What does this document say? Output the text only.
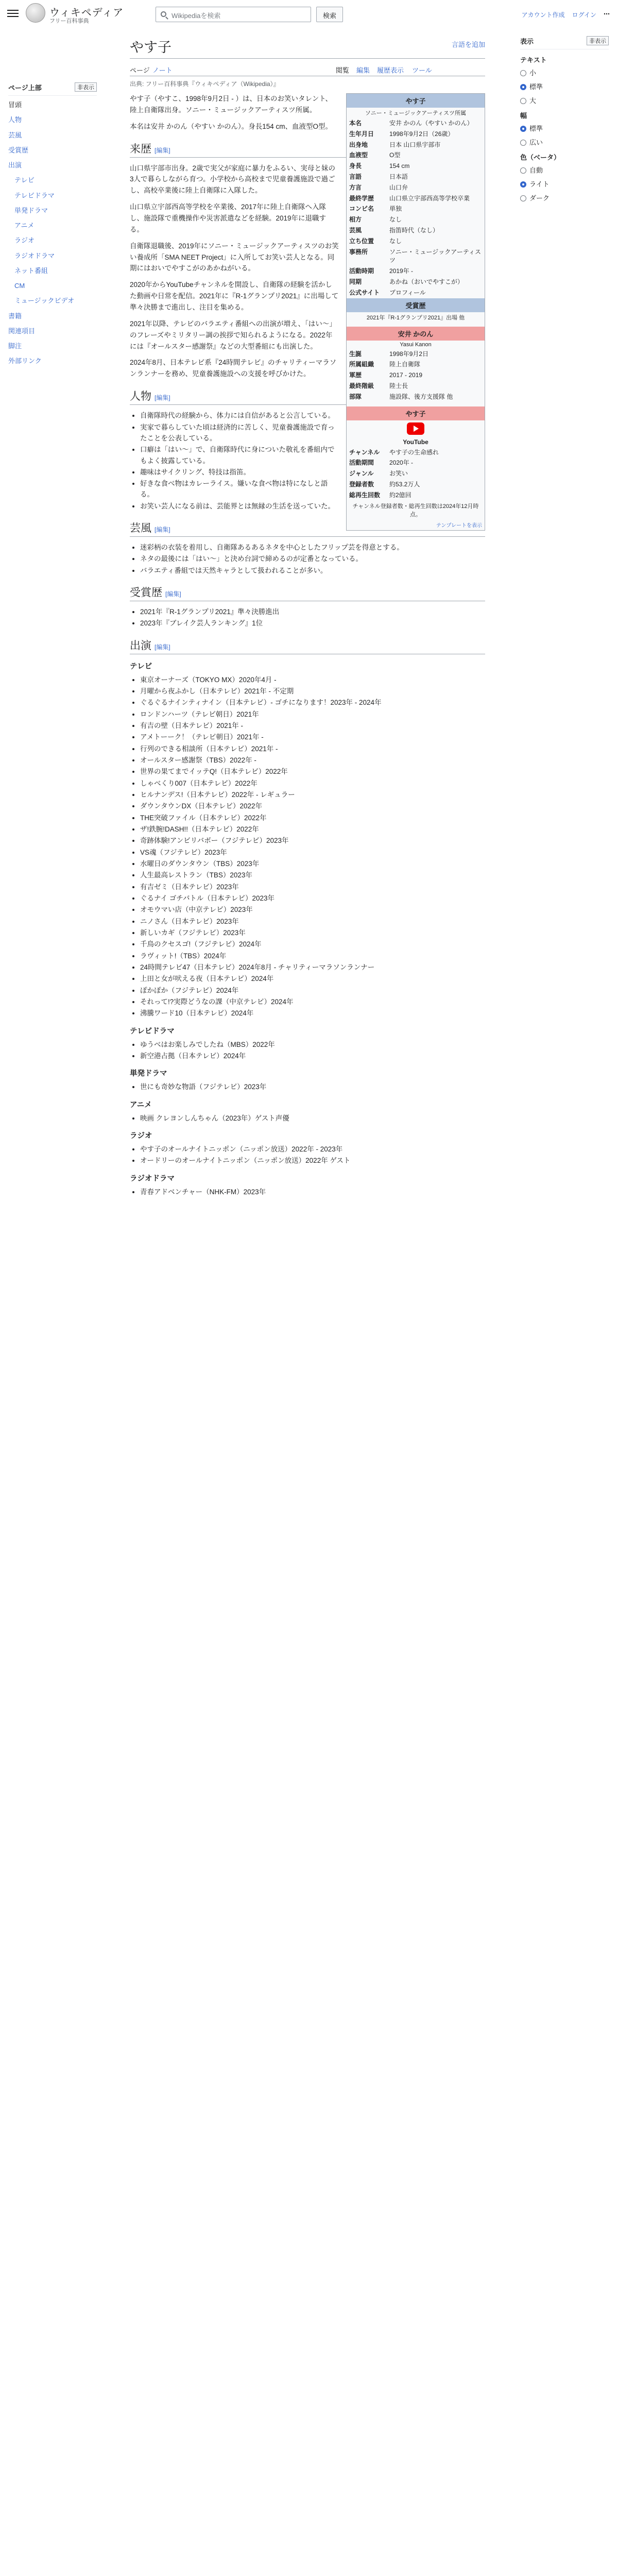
ウィキペディア
フリー百科事典
Wikipediaを検索	検索	アカウント作成 ログイン ⋯
非表示
ページ上部
冒頭
人物
芸風
受賞歴
出演
テレビ
テレビドラマ
単発ドラマ
アニメ
ラジオ
ラジオドラマ
ネット番組
CM
ミュージックビデオ
書籍
関連項目
脚注
外部リンク
非表示
表示
テキスト
小
標準
大
幅
標準
広い
色（ベータ）
自動
ライト
ダーク
やす子	言語を追加
ページ ノート	閲覧 編集 履歴表示 ツール
出典: フリー百科事典『ウィキペディア（Wikipedia）』
やす子
ソニー・ミュージックアーティスツ所属
本名	安井 かのん（やすい かのん）
生年月日	1998年9月2日（26歳）
出身地	日本 山口県宇部市
血液型	O型
身長	154 cm
言語	日本語
方言	山口弁
最終学歴	山口県立宇部西高等学校卒業
コンビ名	単独
相方	なし
芸風	指笛時代（なし）
立ち位置	なし
事務所	ソニー・ミュージックアーティスツ
活動時期	2019年 -
同期	あかね（おいでやすこが）
公式サイト	プロフィール
受賞歴
2021年『R-1グランプリ2021』出場 他
安井 かのん
Yasui Kanon
生誕	1998年9月2日
所属組織	陸上自衛隊
軍歴	2017 - 2019
最終階級	陸士長
部隊	施設隊、後方支援隊 他
やす子
YouTube
チャンネル	やす子の生命感れ
活動期間	2020年 -
ジャンル	お笑い
登録者数	約53.2万人
総再生回数	約2億回
チャンネル登録者数・総再生回数は2024年12月時点。
テンプレートを表示

やす子（やすこ、1998年9月2日 - ）は、日本のお笑いタレント、陸上自衛隊出身。ソニー・ミュージックアーティスツ所属。

本名は安井 かのん（やすい かのん）。身長154 cm、血液型O型。

来歴 [編集]

山口県宇部市出身。2歳で実父が家庭に暴力をふるい、実母と妹の3人で暮らしながら育つ。小学校から高校まで児童養護施設で過ごし、高校卒業後に陸上自衛隊に入隊した。

山口県立宇部西高等学校を卒業後、2017年に陸上自衛隊へ入隊し、施設隊で重機操作や災害派遣などを経験。2019年に退職する。

自衛隊退職後、2019年にソニー・ミュージックアーティスツのお笑い養成所「SMA NEET Project」に入所してお笑い芸人となる。同期にはおいでやすこがのあかねがいる。

2020年からYouTubeチャンネルを開設し、自衛隊の経験を活かした動画や日常を配信。2021年に『R-1グランプリ2021』に出場して準々決勝まで進出し、注目を集める。

2021年以降、テレビのバラエティ番組への出演が増え、「はい〜」のフレーズやミリタリー調の挨拶で知られるようになる。2022年には『オールスター感謝祭』などの大型番組にも出演した。

2024年8月、日本テレビ系『24時間テレビ』のチャリティーマラソンランナーを務め、児童養護施設への支援を呼びかけた。

人物 [編集]
• 自衛隊時代の経験から、体力には自信があると公言している。
• 実家で暮らしていた頃は経済的に苦しく、児童養護施設で育ったことを公表している。
• 口癖は「はい〜」で、自衛隊時代に身についた敬礼を番組内でもよく披露している。
• 趣味はサイクリング、特技は指笛。
• 好きな食べ物はカレーライス。嫌いな食べ物は特になしと語る。
• お笑い芸人になる前は、芸能界とは無縁の生活を送っていた。
芸風 [編集]
• 迷彩柄の衣装を着用し、自衛隊あるあるネタを中心としたフリップ芸を得意とする。
• ネタの最後には「はい〜」と決め台詞で締めるのが定番となっている。
• バラエティ番組では天然キャラとして扱われることが多い。
受賞歴 [編集]
• 2021年『R-1グランプリ2021』準々決勝進出
• 2023年『ブレイク芸人ランキング』1位
出演 [編集]
テレビ
• 東京オーナーズ（TOKYO MX）2020年4月 -
• 月曜から夜ふかし（日本テレビ）2021年 - 不定期
• ぐるぐるナインティナイン（日本テレビ）- ゴチになります！2023年 - 2024年
• ロンドンハーツ（テレビ朝日）2021年
• 有吉の壁（日本テレビ）2021年 -
• アメトーーク！（テレビ朝日）2021年 -
• 行列のできる相談所（日本テレビ）2021年 -
• オールスター感謝祭（TBS）2022年 -
• 世界の果てまでイッテQ!（日本テレビ）2022年
• しゃべくり007（日本テレビ）2022年
• ヒルナンデス!（日本テレビ）2022年 - レギュラー
• ダウンタウンDX（日本テレビ）2022年
• THE突破ファイル（日本テレビ）2022年
• ザ!鉄腕!DASH!!（日本テレビ）2022年
• 奇跡体験!アンビリバボー（フジテレビ）2023年
• VS魂（フジテレビ）2023年
• 水曜日のダウンタウン（TBS）2023年
• 人生最高レストラン（TBS）2023年
• 有吉ゼミ（日本テレビ）2023年
• ぐるナイ ゴチバトル（日本テレビ）2023年
• オモウマい店（中京テレビ）2023年
• ニノさん（日本テレビ）2023年
• 新しいカギ（フジテレビ）2023年
• 千鳥のクセスゴ!（フジテレビ）2024年
• ラヴィット!（TBS）2024年
• 24時間テレビ47（日本テレビ）2024年8月 - チャリティーマラソンランナー
• 上田と女が吠える夜（日本テレビ）2024年
• ぽかぽか（フジテレビ）2024年
• それって!?実際どうなの課（中京テレビ）2024年
• 沸騰ワード10（日本テレビ）2024年
テレビドラマ
• ゆうべはお楽しみでしたね（MBS）2022年
• 新空港占拠（日本テレビ）2024年
単発ドラマ
• 世にも奇妙な物語（フジテレビ）2023年
アニメ
• 映画 クレヨンしんちゃん（2023年）ゲスト声優
ラジオ
• やす子のオールナイトニッポン（ニッポン放送）2022年 - 2023年
• オードリーのオールナイトニッポン（ニッポン放送）2022年 ゲスト
ラジオドラマ
• 青春アドベンチャー（NHK-FM）2023年
